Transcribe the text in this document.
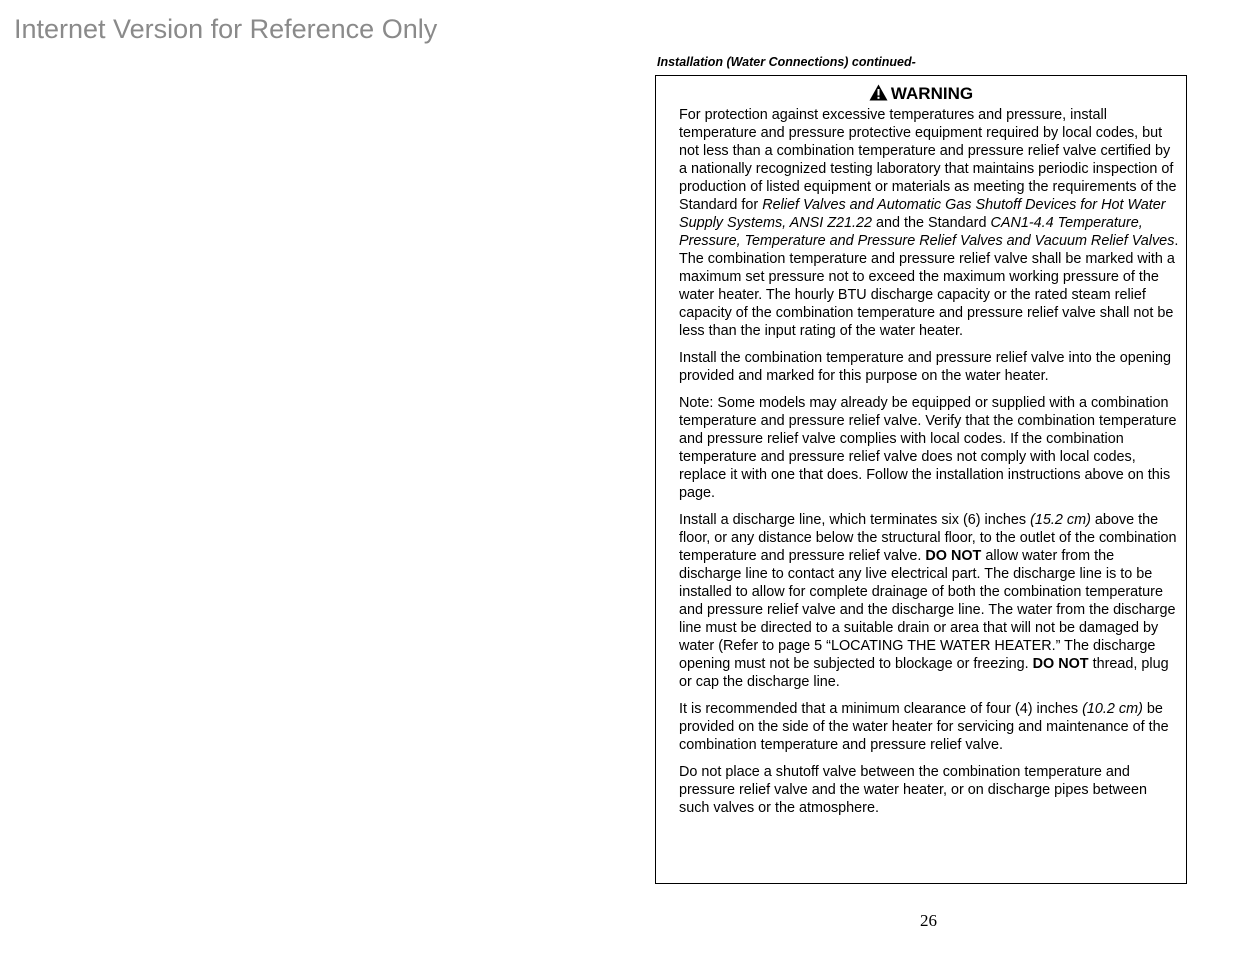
Internet Version for Reference Only
Installation (Water Connections) continued-
WARNING

For protection against excessive temperatures and pressure, install temperature and pressure protective equipment required by local codes, but not less than a combination temperature and pressure relief valve certified by a nationally recognized testing laboratory that maintains periodic inspection of production of listed equipment or materials as meeting the requirements of the Standard for Relief Valves and Automatic Gas Shutoff Devices for Hot Water Supply Systems, ANSI Z21.22 and the Standard CAN1-4.4 Temperature, Pressure, Temperature and Pressure Relief Valves and Vacuum Relief Valves. The combination temperature and pressure relief valve shall be marked with a maximum set pressure not to exceed the maximum working pressure of the water heater. The hourly BTU discharge capacity or the rated steam relief capacity of the combination temperature and pressure relief valve shall not be less than the input rating of the water heater.

Install the combination temperature and pressure relief valve into the opening provided and marked for this purpose on the water heater.

Note: Some models may already be equipped or supplied with a combination temperature and pressure relief valve. Verify that the combination temperature and pressure relief valve complies with local codes. If the combination temperature and pressure relief valve does not comply with local codes, replace it with one that does. Follow the installation instructions above on this page.

Install a discharge line, which terminates six (6) inches (15.2 cm) above the floor, or any distance below the structural floor, to the outlet of the combination temperature and pressure relief valve. DO NOT allow water from the discharge line to contact any live electrical part. The discharge line is to be installed to allow for complete drainage of both the combination temperature and pressure relief valve and the discharge line. The water from the discharge line must be directed to a suitable drain or area that will not be damaged by water (Refer to page 5 “LOCATING THE WATER HEATER.” The discharge opening must not be subjected to blockage or freezing. DO NOT thread, plug or cap the discharge line.

It is recommended that a minimum clearance of four (4) inches (10.2 cm) be provided on the side of the water heater for servicing and maintenance of the combination temperature and pressure relief valve.

Do not place a shutoff valve between the combination temperature and pressure relief valve and the water heater, or on discharge pipes between such valves or the atmosphere.

26
